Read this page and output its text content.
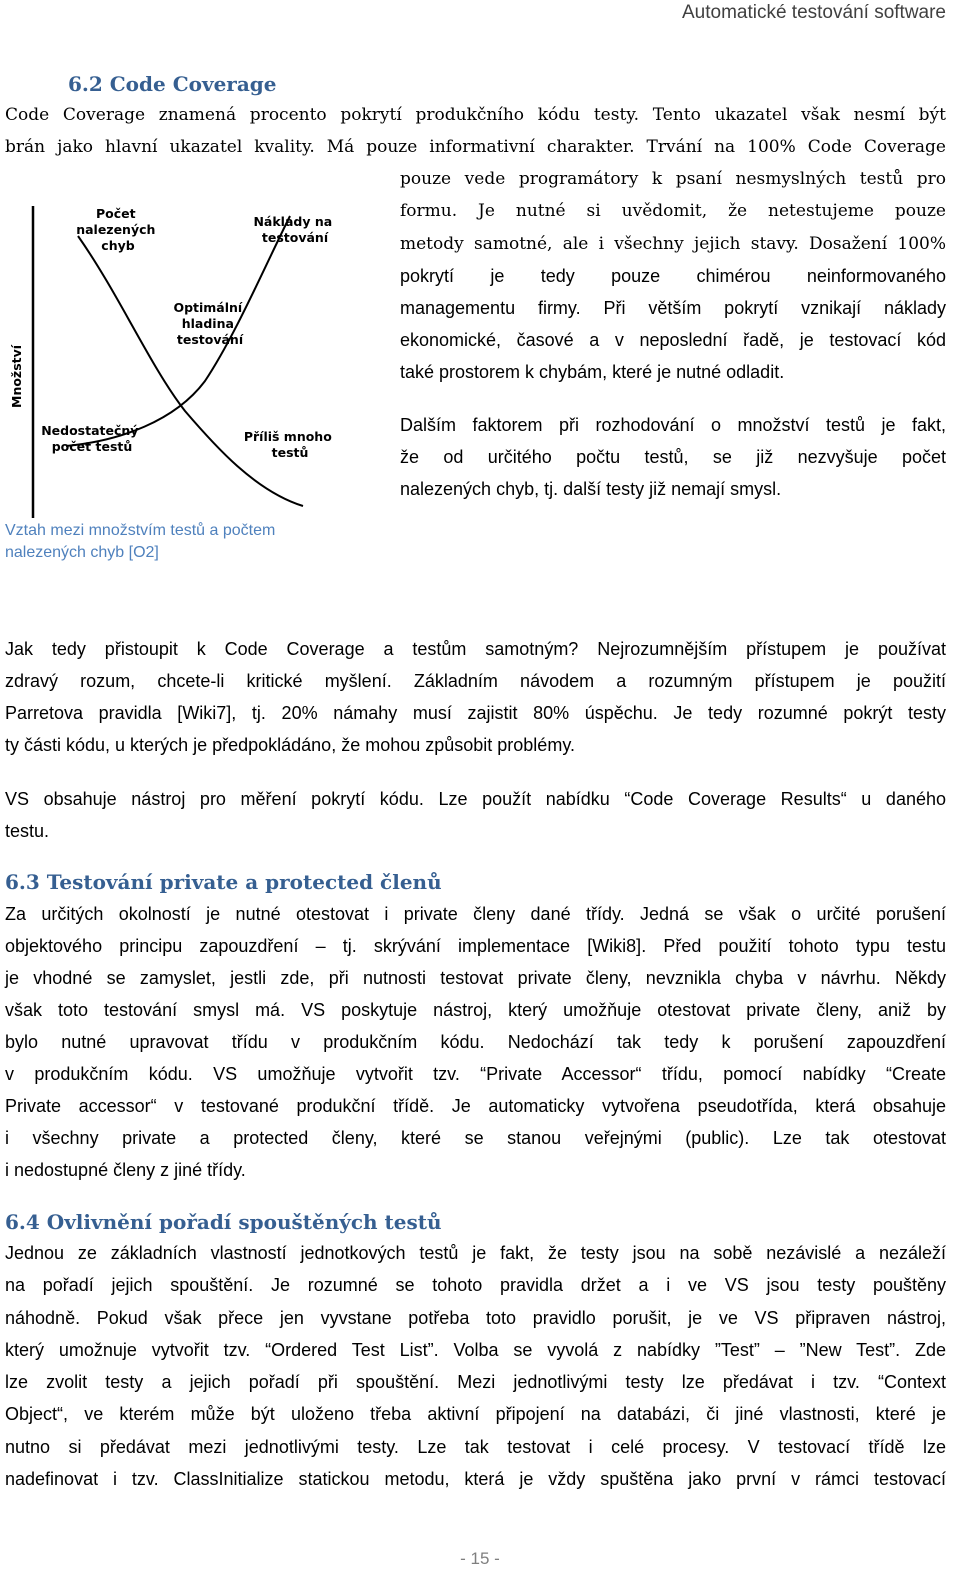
Automatické testování software
6.2 Code Coverage
Code Coverage znamená procento pokrytí produkčního kódu testy. Tento ukazatel však nesmí být
brán jako hlavní ukazatel kvality. Má pouze informativní charakter. Trvání na 100% Code Coverage
pouze vede programátory k psaní nesmyslných testů pro
formu. Je nutné si uvědomit, že netestujeme pouze
metody samotné, ale i všechny jejich stavy. Dosažení 100%
pokrytí je tedy pouze chimérou neinformovaného
managementu firmy. Při větším pokrytí vznikají náklady
ekonomické, časové a v neposlední řadě, je testovací kód
také prostorem k chybám, které je nutné odladit.
Dalším faktorem při rozhodování o množství testů je fakt,
že od určitého počtu testů, se již nezvyšuje počet
nalezených chyb, tj. další testy již nemají smysl.
Množství
Počet nalezených chyb
Náklady na testování
Optimální hladina testování
Nedostatečný počet testů
Příliš mnoho testů
Vztah mezi množstvím testů a počtem
nalezených chyb [O2]
Jak tedy přistoupit k Code Coverage a testům samotným? Nejrozumnějším přístupem je používat
zdravý rozum, chcete-li kritické myšlení. Základním návodem a rozumným přístupem je použití
Parretova pravidla [Wiki7], tj. 20% námahy musí zajistit 80% úspěchu. Je tedy rozumné pokrýt testy
ty části kódu, u kterých je předpokládáno, že mohou způsobit problémy.
VS obsahuje nástroj pro měření pokrytí kódu. Lze použít nabídku “Code Coverage Results“ u daného
testu.
6.3 Testování private a protected členů
Za určitých okolností je nutné otestovat i private členy dané třídy. Jedná se však o určité porušení
objektového principu zapouzdření – tj. skrývání implementace [Wiki8]. Před použití tohoto typu testu
je vhodné se zamyslet, jestli zde, při nutnosti testovat private členy, nevznikla chyba v návrhu. Někdy
však toto testování smysl má. VS poskytuje nástroj, který umožňuje otestovat private členy, aniž by
bylo nutné upravovat třídu v produkčním kódu. Nedochází tak tedy k porušení zapouzdření
v produkčním kódu. VS umožňuje vytvořit tzv. “Private Accessor“ třídu, pomocí nabídky “Create
Private accessor“ v testované produkční třídě. Je automaticky vytvořena pseudotřída, která obsahuje
i všechny private a protected členy, které se stanou veřejnými (public). Lze tak otestovat
i nedostupné členy z jiné třídy.
6.4 Ovlivnění pořadí spouštěných testů
Jednou ze základních vlastností jednotkových testů je fakt, že testy jsou na sobě nezávislé a nezáleží
na pořadí jejich spouštění. Je rozumné se tohoto pravidla držet a i ve VS jsou testy pouštěny
náhodně. Pokud však přece jen vyvstane potřeba toto pravidlo porušit, je ve VS připraven nástroj,
který umožnuje vytvořit tzv. “Ordered Test List”. Volba se vyvolá z nabídky ”Test” – ”New Test”. Zde
lze zvolit testy a jejich pořadí při spouštění. Mezi jednotlivými testy lze předávat i tzv. “Context
Object“, ve kterém může být uloženo třeba aktivní připojení na databázi, či jiné vlastnosti, které je
nutno si předávat mezi jednotlivými testy. Lze tak testovat i celé procesy. V testovací třídě lze
nadefinovat i tzv. ClassInitialize statickou metodu, která je vždy spuštěna jako první v rámci testovací
- 15 -
